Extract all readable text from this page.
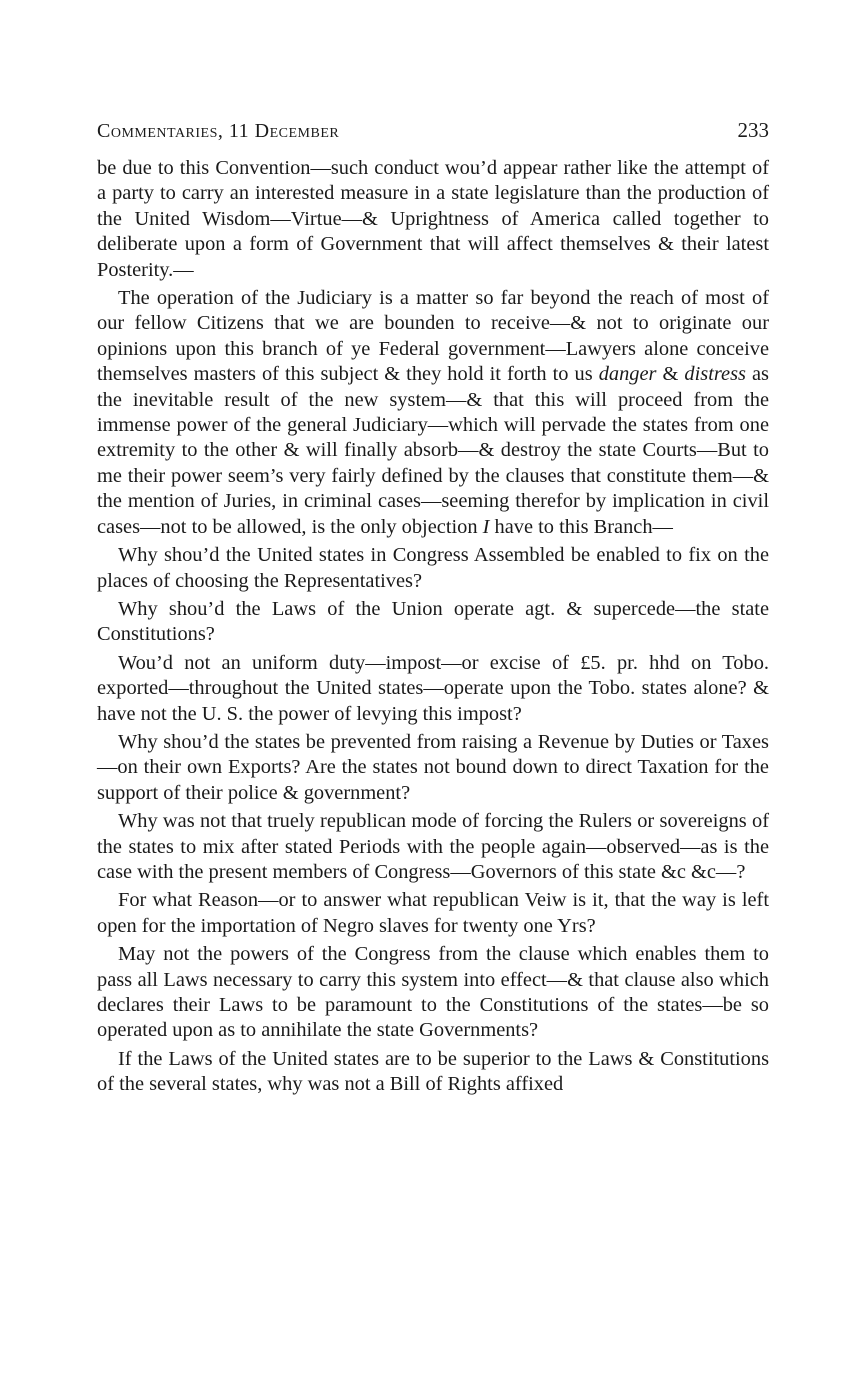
Commentaries, 11 December	233

be due to this Convention—such conduct wou’d appear rather like the attempt of a party to carry an interested measure in a state legislature than the production of the United Wisdom—Virtue—& Uprightness of America called together to deliberate upon a form of Government that will affect themselves & their latest Posterity.—

The operation of the Judiciary is a matter so far beyond the reach of most of our fellow Citizens that we are bounden to receive—& not to originate our opinions upon this branch of ye Federal government—Lawyers alone conceive themselves masters of this subject & they hold it forth to us danger & distress as the inevitable result of the new system—& that this will proceed from the immense power of the general Judiciary—which will pervade the states from one extremity to the other & will finally absorb—& destroy the state Courts—But to me their power seem’s very fairly defined by the clauses that constitute them—& the mention of Juries, in criminal cases—seeming therefor by implication in civil cases—not to be allowed, is the only objection I have to this Branch—

Why shou’d the United states in Congress Assembled be enabled to fix on the places of choosing the Representatives?

Why shou’d the Laws of the Union operate agt. & supercede—the state Constitutions?

Wou’d not an uniform duty—impost—or excise of £5. pr. hhd on Tobo. exported—throughout the United states—operate upon the Tobo. states alone? & have not the U. S. the power of levying this impost?

Why shou’d the states be prevented from raising a Revenue by Duties or Taxes—on their own Exports? Are the states not bound down to direct Taxation for the support of their police & government?

Why was not that truely republican mode of forcing the Rulers or sovereigns of the states to mix after stated Periods with the people again—observed—as is the case with the present members of Congress—Governors of this state &c &c—?

For what Reason—or to answer what republican Veiw is it, that the way is left open for the importation of Negro slaves for twenty one Yrs?

May not the powers of the Congress from the clause which enables them to pass all Laws necessary to carry this system into effect—& that clause also which declares their Laws to be paramount to the Constitutions of the states—be so operated upon as to annihilate the state Governments?

If the Laws of the United states are to be superior to the Laws & Constitutions of the several states, why was not a Bill of Rights affixed
